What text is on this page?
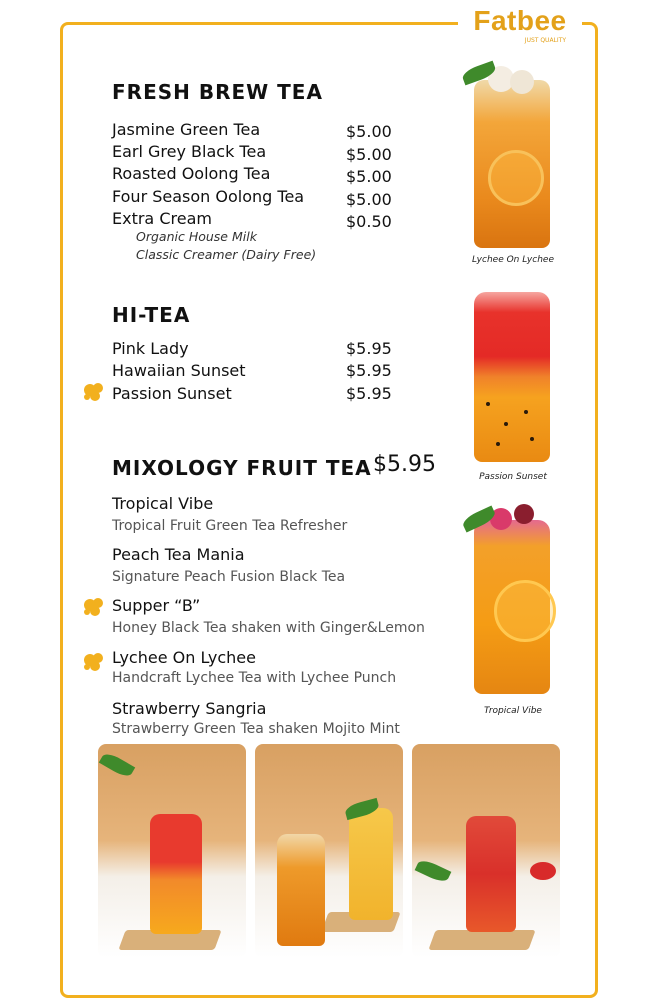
Fatbee
JUST QUALITY
FRESH BREW TEA
Jasmine Green Tea	$5.00
Earl Grey Black Tea	$5.00
Roasted Oolong Tea	$5.00
Four Season Oolong Tea	$5.00
Extra Cream	$0.50
Organic House Milk
Classic Creamer (Dairy Free)	Lychee On Lychee
HI-TEA
Pink Lady	$5.95
Hawaiian Sunset	$5.95
Passion Sunset	$5.95
Passion Sunset
MIXOLOGY FRUIT TEA $5.95
Tropical Vibe
Tropical Fruit Green Tea Refresher
Peach Tea Mania
Signature Peach Fusion Black Tea
Supper “B”
Honey Black Tea shaken with Ginger&Lemon
Lychee On Lychee
Handcraft Lychee Tea with Lychee Punch
Strawberry Sangria
Strawberry Green Tea shaken Mojito Mint
Tropical Vibe
